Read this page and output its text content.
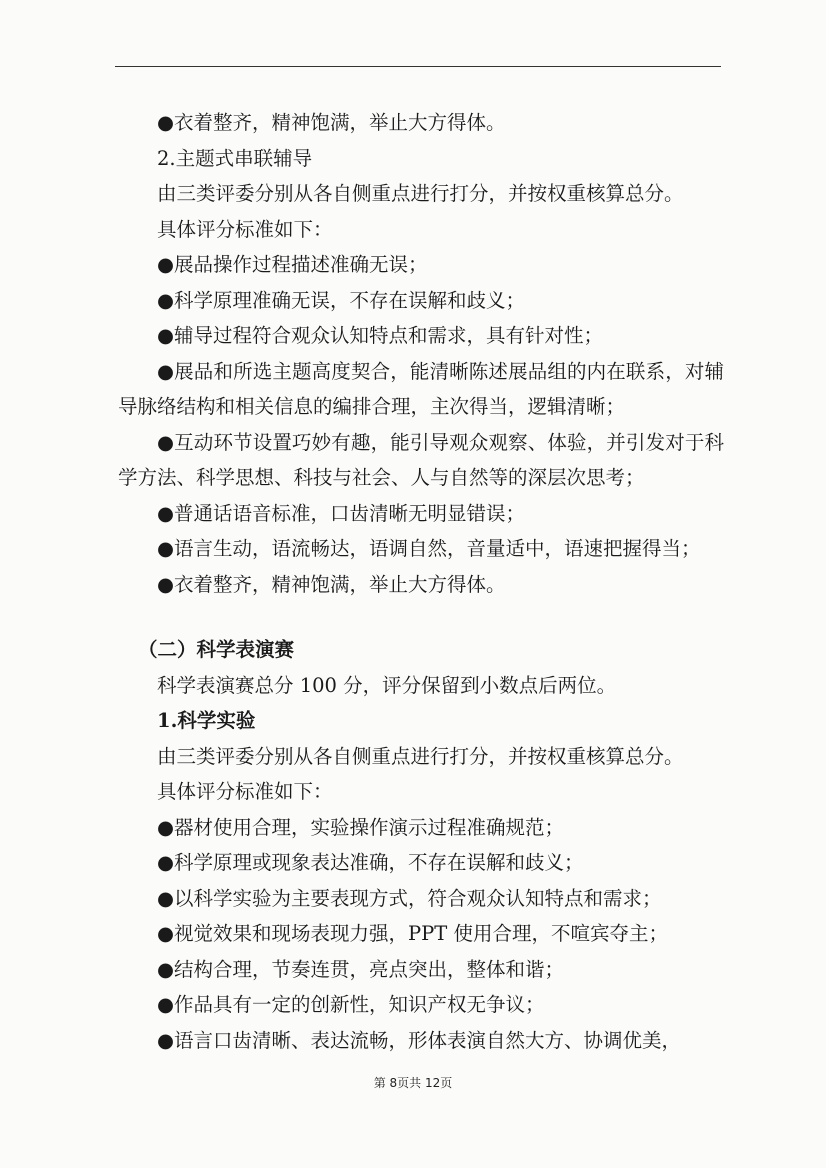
●衣着整齐，精神饱满，举止大方得体。
2.主题式串联辅导
由三类评委分别从各自侧重点进行打分，并按权重核算总分。
具体评分标准如下：
●展品操作过程描述准确无误；
●科学原理准确无误，不存在误解和歧义；
●辅导过程符合观众认知特点和需求，具有针对性；
●展品和所选主题高度契合，能清晰陈述展品组的内在联系，对辅导脉络结构和相关信息的编排合理，主次得当，逻辑清晰；
●互动环节设置巧妙有趣，能引导观众观察、体验，并引发对于科学方法、科学思想、科技与社会、人与自然等的深层次思考；
●普通话语音标准，口齿清晰无明显错误；
●语言生动，语流畅达，语调自然，音量适中，语速把握得当；
●衣着整齐，精神饱满，举止大方得体。
（二）科学表演赛
科学表演赛总分 100 分，评分保留到小数点后两位。
1.科学实验
由三类评委分别从各自侧重点进行打分，并按权重核算总分。
具体评分标准如下：
●器材使用合理，实验操作演示过程准确规范；
●科学原理或现象表达准确，不存在误解和歧义；
●以科学实验为主要表现方式，符合观众认知特点和需求；
●视觉效果和现场表现力强，PPT 使用合理，不喧宾夺主；
●结构合理，节奏连贯，亮点突出，整体和谐；
●作品具有一定的创新性，知识产权无争议；
●语言口齿清晰、表达流畅，形体表演自然大方、协调优美，
第 8页共 12页
